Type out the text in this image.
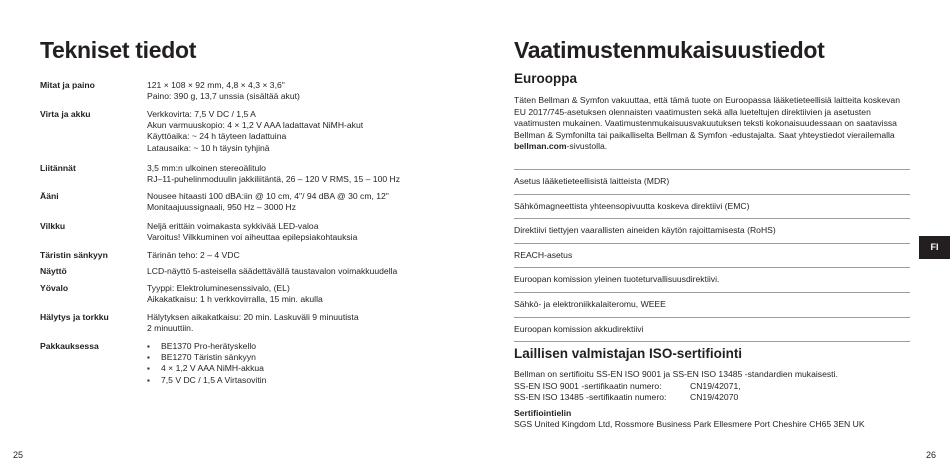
Tekniset tiedot
Mitat ja paino	121 × 108 × 92 mm, 4,8 × 4,3 × 3,6"
Paino: 390 g, 13,7 unssia (sisältää akut)
Virta ja akku	Verkkovirta: 7,5 V DC / 1,5 A
Akun varmuuskopio: 4 × 1,2 V AAA ladattavat NiMH-akut
Käyttöaika: ~ 24 h täyteen ladattuina
Latausaika: ~ 10 h täysin tyhjinä
Liitännät	3,5 mm:n ulkoinen stereoälitulo
RJ–11-puhelinmoduulin jakkiliitäntä, 26 – 120 V RMS, 15 – 100 Hz
Ääni	Nousee hitaasti 100 dBA:iin @ 10 cm, 4"/ 94 dBA @ 30 cm, 12"
Monitaajuussignaali, 950 Hz – 3000 Hz
Vilkku	Neljä erittäin voimakasta sykkivää LED-valoa
Varoitus! Vilkkuminen voi aiheuttaa epilepsiakohtauksia
Täristin sänkyyn	Tärinän teho: 2 – 4 VDC
Näyttö	LCD-näyttö 5-asteisella säädettävällä taustavalon voimakkuudella
Yövalo	Tyyppi: Elektroluminesenssivalo, (EL)
Aikakatkaisu: 1 h verkkovirralla, 15 min. akulla
Hälytys ja torkku	Hälytyksen aikakatkaisu: 20 min. Laskuväli 9 minuutista
2 minuuttiin.
Pakkauksessa
▪	BE1370 Pro-herätyskello
▪ BE1270 Täristin sänkyyn
▪ 4 × 1,2 V AAA NiMH-akkua
▪ 7,5 V DC / 1,5 A Virtasovitin
25
Vaatimustenmukaisuustiedot
Eurooppa
Täten Bellman & Symfon vakuuttaa, että tämä tuote on Euroopassa lääketieteellisiä laitteita koskevan EU 2017/745-asetuksen olennaisten vaatimusten sekä alla lueteltujen direktiivien ja asetusten vaatimusten mukainen. Vaatimustenmukaisuusvakuutuksen teksti kokonaisuudessaan on saatavissa Bellman & Symfonilta tai paikalliselta Bellman & Symfon -edustajalta. Saat yhteystiedot vierailemalla bellman.com-sivustolla.
Asetus lääketieteellisistä laitteista (MDR)
Sähkömagneettista yhteensopivuutta koskeva direktiivi (EMC)
Direktiivi tiettyjen vaarallisten aineiden käytön rajoittamisesta (RoHS)
REACH-asetus
Euroopan komission yleinen tuoteturvallisuusdirektiivi.
Sähkö- ja elektroniikkalaiteromu, WEEE
Euroopan komission akkudirektiivi
Laillisen valmistajan ISO-sertifiointi
Bellman on sertifioitu SS-EN ISO 9001 ja SS-EN ISO 13485 -standardien mukaisesti.
SS-EN ISO 9001 -sertifikaatin numero:	CN19/42071,
SS-EN ISO 13485 -sertifikaatin numero:	CN19/42070
Sertifiointielin
SGS United Kingdom Ltd, Rossmore Business Park Ellesmere Port Cheshire CH65 3EN UK
26
FI
